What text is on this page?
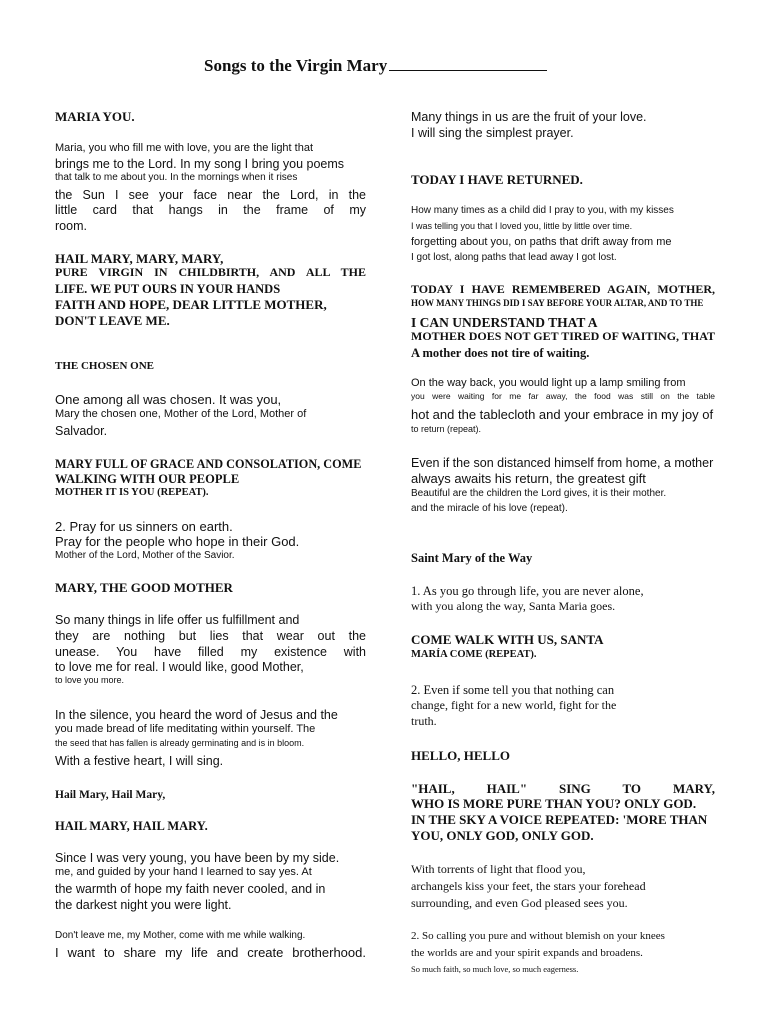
Songs to the Virgin Mary
MARIA YOU.
Maria, you who fill me with love, you are the light that
brings me to the Lord. In my song I bring you poems
that talk to me about you. In the mornings when it rises
the Sun I see your face near the Lord, in the
little card that hangs in the frame of my
room.
HAIL MARY, MARY, MARY,
PURE VIRGIN IN CHILDBIRTH, AND ALL THE
LIFE. WE PUT OURS IN YOUR HANDS
FAITH AND HOPE, DEAR LITTLE MOTHER,
DON'T LEAVE ME.
THE CHOSEN ONE
One among all was chosen. It was you,
Mary the chosen one, Mother of the Lord, Mother of
Salvador.
MARY FULL OF GRACE AND CONSOLATION, COME
WALKING WITH OUR PEOPLE
MOTHER IT IS YOU (REPEAT).
2. Pray for us sinners on earth.
Pray for the people who hope in their God.
Mother of the Lord, Mother of the Savior.
MARY, THE GOOD MOTHER
So many things in life offer us fulfillment and
they are nothing but lies that wear out the
unease. You have filled my existence with
to love me for real. I would like, good Mother,
to love you more.
In the silence, you heard the word of Jesus and the
you made bread of life meditating within yourself. The
the seed that has fallen is already germinating and is in bloom.
With a festive heart, I will sing.
Hail Mary, Hail Mary,
HAIL MARY, HAIL MARY.
Since I was very young, you have been by my side.
me, and guided by your hand I learned to say yes. At
the warmth of hope my faith never cooled, and in
the darkest night you were light.
Don't leave me, my Mother, come with me while walking.
I want to share my life and create brotherhood.
Many things in us are the fruit of your love.
I will sing the simplest prayer.
TODAY I HAVE RETURNED.
How many times as a child did I pray to you, with my kisses
I was telling you that I loved you, little by little over time.
forgetting about you, on paths that drift away from me
I got lost, along paths that lead away I got lost.
TODAY I HAVE REMEMBERED AGAIN, MOTHER,
HOW MANY THINGS DID I SAY BEFORE YOUR ALTAR, AND TO THE
I CAN UNDERSTAND THAT A
MOTHER DOES NOT GET TIRED OF WAITING, THAT
A mother does not tire of waiting.
On the way back, you would light up a lamp smiling from
you were waiting for me far away, the food was still on the table
hot and the tablecloth and your embrace in my joy of
to return (repeat).
Even if the son distanced himself from home, a mother
always awaits his return, the greatest gift
Beautiful are the children the Lord gives, it is their mother.
and the miracle of his love (repeat).
Saint Mary of the Way
1. As you go through life, you are never alone,
with you along the way, Santa Maria goes.
COME WALK WITH US, SANTA
MARÍA COME (REPEAT).
2. Even if some tell you that nothing can
change, fight for a new world, fight for the
truth.
HELLO, HELLO
"HAIL, HAIL" SING TO MARY,
WHO IS MORE PURE THAN YOU? ONLY GOD.
IN THE SKY A VOICE REPEATED: 'MORE THAN
YOU, ONLY GOD, ONLY GOD.
With torrents of light that flood you,
archangels kiss your feet, the stars your forehead
surrounding, and even God pleased sees you.
2. So calling you pure and without blemish on your knees
the worlds are and your spirit expands and broadens.
So much faith, so much love, so much eagerness.
